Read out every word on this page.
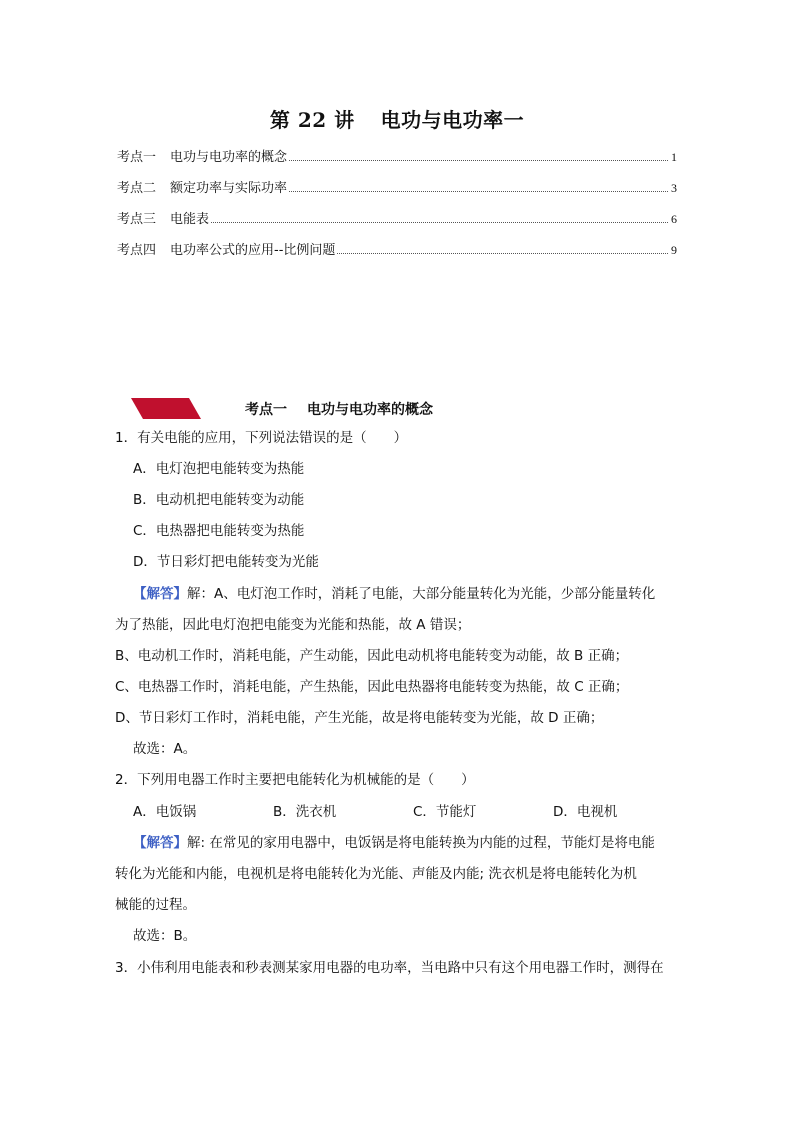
第 22 讲 电功与电功率一
考点一 电功与电功率的概念	1
考点二 额定功率与实际功率	3
考点三 电能表	6
考点四 电功率公式的应用--比例问题	9
考点一 电功与电功率的概念
1．有关电能的应用，下列说法错误的是（　　）
A．电灯泡把电能转变为热能
B．电动机把电能转变为动能
C．电热器把电能转变为热能
D．节日彩灯把电能转变为光能
【解答】解：A、电灯泡工作时，消耗了电能，大部分能量转化为光能，少部分能量转化
为了热能，因此电灯泡把电能变为光能和热能，故 A 错误；
B、电动机工作时，消耗电能，产生动能，因此电动机将电能转变为动能，故 B 正确；
C、电热器工作时，消耗电能，产生热能，因此电热器将电能转变为热能，故 C 正确；
D、节日彩灯工作时，消耗电能，产生光能，故是将电能转变为光能，故 D 正确；
故选：A。
2．下列用电器工作时主要把电能转化为机械能的是（　　）
A．电饭锅	B．洗衣机	C．节能灯	D．电视机
【解答】解: 在常见的家用电器中，电饭锅是将电能转换为内能的过程，节能灯是将电能
转化为光能和内能，电视机是将电能转化为光能、声能及内能; 洗衣机是将电能转化为机
械能的过程。
故选：B。
3．小伟利用电能表和秒表测某家用电器的电功率，当电路中只有这个用电器工作时，测得在
